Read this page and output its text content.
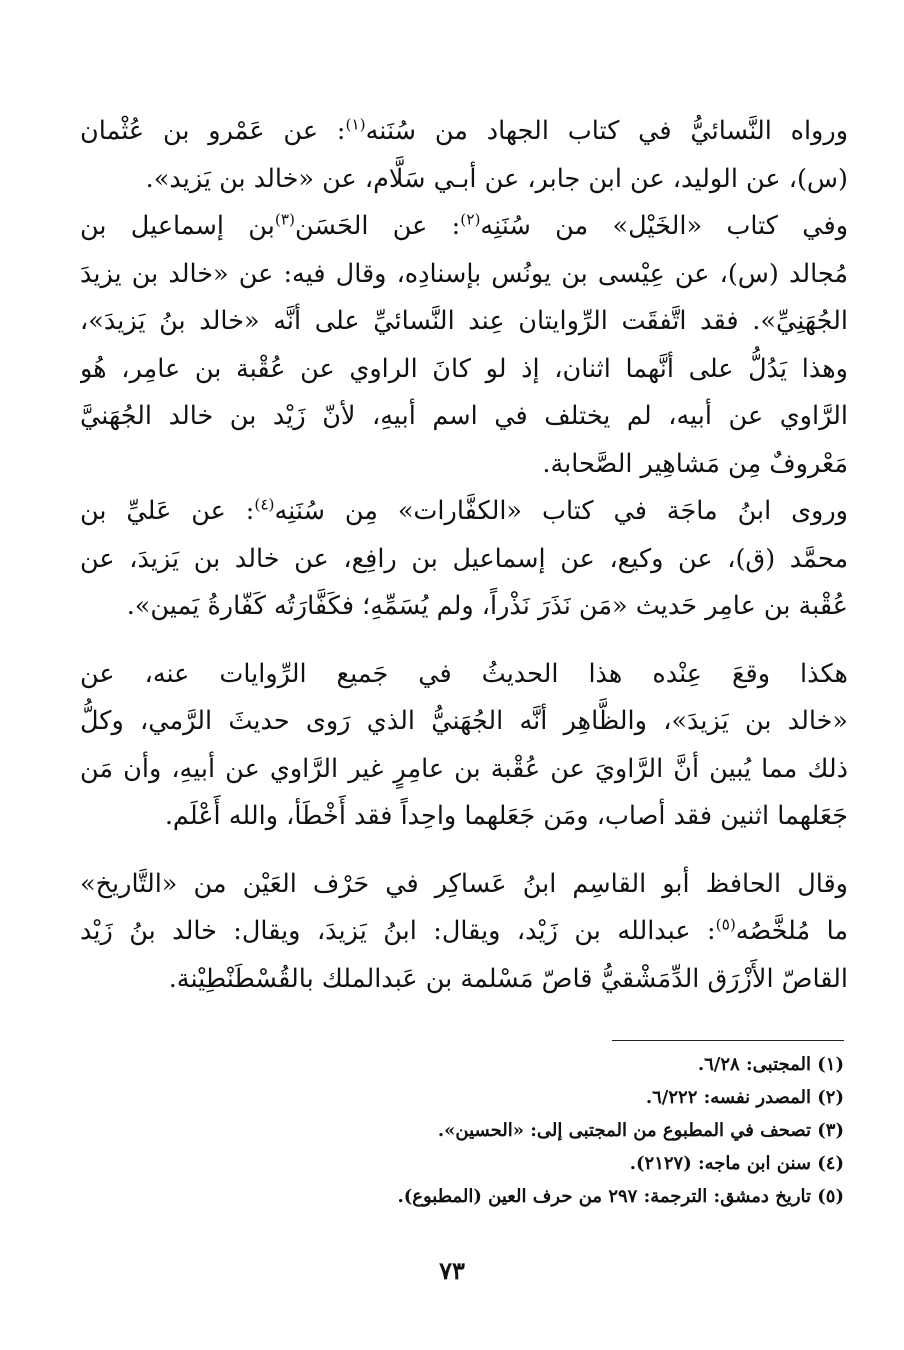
ورواه النَّسائيُّ في كتاب الجهاد من سُنَنه$^{(١)}$: عن عَمْرو بن عُثْمان
(س)، عن الوليد، عن ابن جابر، عن أبـي سَلَّام، عن «خالد بن يَزيد».
وفي كتاب «الخَيْل» من سُنَنِه$^{(٢)}$: عن الحَسَن$^{(٣)}$بن إسماعيل بن
مُجالد (س)، عن عِيْسى بن يونُس بإسنادِه، وقال فيه: عن «خالد بن يزيدَ
الجُهَنِيِّ». فقد اتَّفقَت الرِّوايتان عِند النَّسائيِّ على أنَّه «خالد بنُ يَزيدَ»،
وهذا يَدُلُّ على أنَّهما اثنان، إذ لو كانَ الراوي عن عُقْبة بن عامِر، هُو
الرَّاوي عن أبيه، لم يختلف في اسم أبيهِ، لأنّ زَيْد بن خالد الجُهَنيَّ
مَعْروفٌ مِن مَشاهِير الصَّحابة.
وروى ابنُ ماجَة في كتاب «الكفَّارات» مِن سُنَنِه$^{(٤)}$: عن عَليِّ بن
محمَّد (ق)، عن وكيع، عن إسماعيل بن رافِع، عن خالد بن يَزيدَ، عن
عُقْبة بن عامِر حَديث «مَن نَذَرَ نَذْراً، ولم يُسَمِّهِ؛ فكَفَّارَتُه كَفّارةُ يَمين».
هكذا وقعَ عِنْده هذا الحديثُ في جَميع الرِّوايات عنه، عن
«خالد بن يَزيدَ»، والظَّاهِر أنَّه الجُهَنيُّ الذي رَوى حديثَ الرَّمي، وكلُّ
ذلك مما يُبين أنَّ الرَّاويَ عن عُقْبة بن عامِرٍ غير الرَّاوي عن أبيهِ، وأن مَن
جَعَلهما اثنين فقد أصاب، ومَن جَعَلهما واحِداً فقد أَخْطَأ، والله أَعْلَم.
وقال الحافظ أبو القاسِم ابنُ عَساكِر في حَرْف العَيْن من «التَّاريخ»
ما مُلخَّصُه$^{(٥)}$: عبدالله بن زَيْد، ويقال: ابنُ يَزيدَ، ويقال: خالد بنُ زَيْد
القاصّ الأَزْرَق الدِّمَشْقيُّ قاصّ مَسْلمة بن عَبدالملك بالقُسْطَنْطِيْنة.
(١) المجتبى: ٦/٢٨.
(٢) المصدر نفسه: ٦/٢٢٢.
(٣) تصحف في المطبوع من المجتبى إلى: «الحسين».
(٤) سنن ابن ماجه: (٢١٢٧).
(٥) تاريخ دمشق: الترجمة: ٢٩٧ من حرف العين (المطبوع).
٧٣
